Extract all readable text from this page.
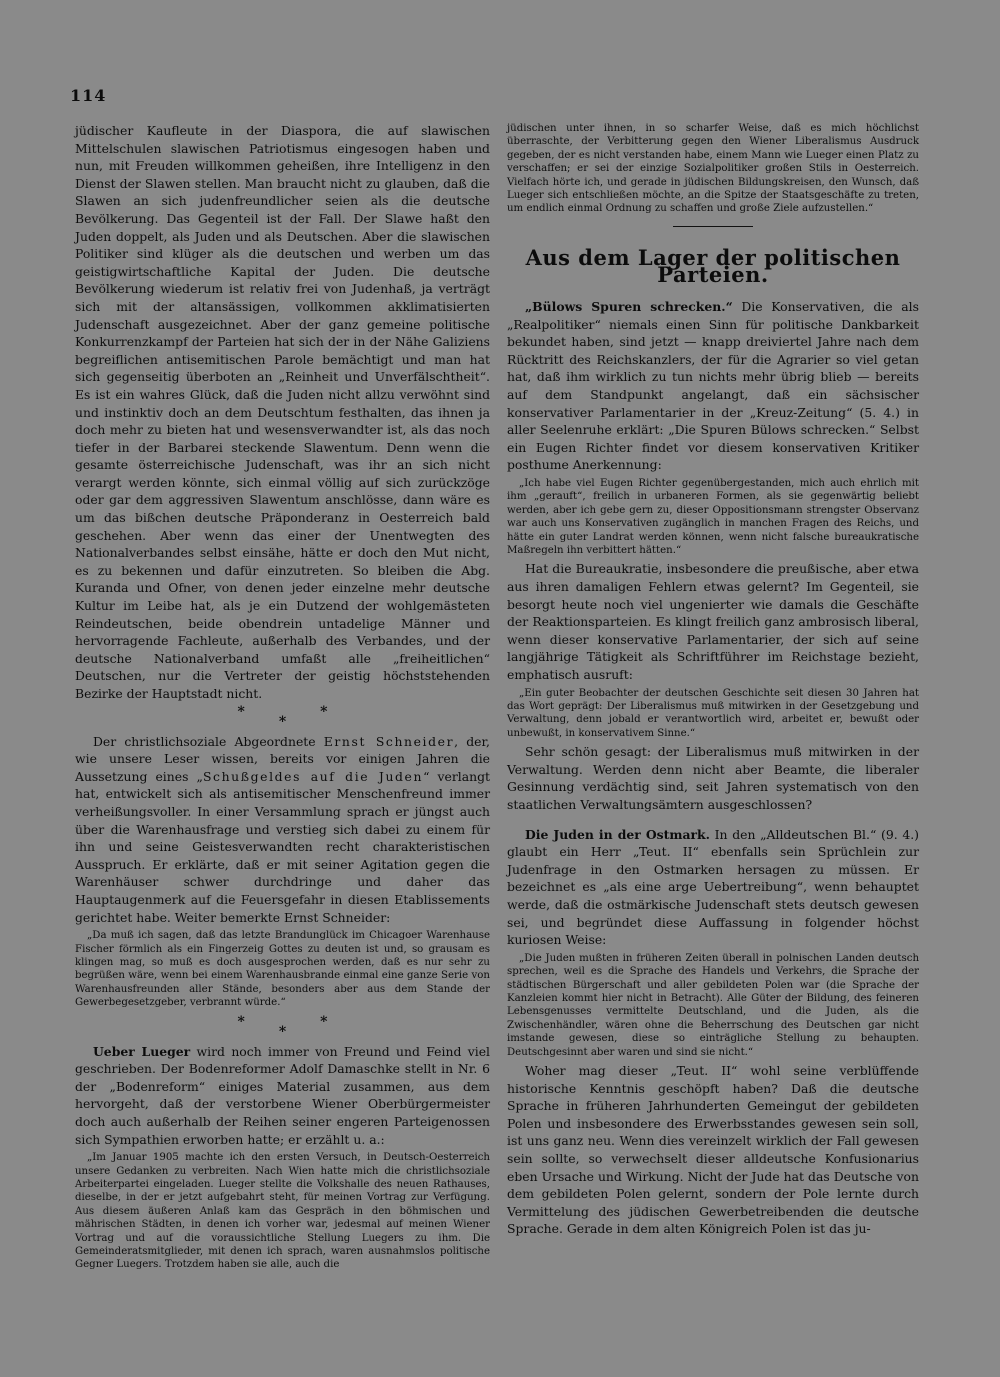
114

jüdischer Kaufleute in der Diaspora, die auf slawischen Mittelschulen slawischen Patriotismus eingesogen haben und nun, mit Freuden willkommen geheißen, ihre Intelligenz in den Dienst der Slawen stellen. Man braucht nicht zu glauben, daß die Slawen an sich judenfreundlicher seien als die deutsche Bevölkerung. Das Gegenteil ist der Fall. Der Slawe haßt den Juden doppelt, als Juden und als Deutschen. Aber die slawischen Politiker sind klüger als die deutschen und werben um das geistigwirtschaftliche Kapital der Juden. Die deutsche Bevölkerung wiederum ist relativ frei von Judenhaß, ja verträgt sich mit der altansässigen, vollkommen akklimatisierten Judenschaft ausgezeichnet. Aber der ganz gemeine politische Konkurrenzkampf der Parteien hat sich der in der Nähe Galiziens begreiflichen antisemitischen Parole bemächtigt und man hat sich gegenseitig überboten an „Reinheit und Unverfälschtheit“. Es ist ein wahres Glück, daß die Juden nicht allzu verwöhnt sind und instinktiv doch an dem Deutschtum festhalten, das ihnen ja doch mehr zu bieten hat und wesensverwandter ist, als das noch tiefer in der Barbarei steckende Slawentum. Denn wenn die gesamte österreichische Judenschaft, was ihr an sich nicht verargt werden könnte, sich einmal völlig auf sich zurückzöge oder gar dem aggressiven Slawentum anschlösse, dann wäre es um das bißchen deutsche Präponderanz in Oesterreich bald geschehen. Aber wenn das einer der Unentwegten des Nationalverbandes selbst einsähe, hätte er doch den Mut nicht, es zu bekennen und dafür einzutreten. So bleiben die Abg. Kuranda und Ofner, von denen jeder einzelne mehr deutsche Kultur im Leibe hat, als je ein Dutzend der wohlgemästeten Reindeutschen, beide obendrein untadelige Männer und hervorragende Fachleute, außerhalb des Verbandes, und der deutsche Nationalverband umfaßt alle „freiheitlichen“ Deutschen, nur die Vertreter der geistig höchststehenden Bezirke der Hauptstadt nicht.

***

Der christlichsoziale Abgeordnete Ernst Schneider, der, wie unsere Leser wissen, bereits vor einigen Jahren die Aussetzung eines „Schußgeldes auf die Juden“ verlangt hat, entwickelt sich als antisemitischer Menschenfreund immer verheißungsvoller. In einer Versammlung sprach er jüngst auch über die Warenhausfrage und verstieg sich dabei zu einem für ihn und seine Geistesverwandten recht charakteristischen Ausspruch. Er erklärte, daß er mit seiner Agitation gegen die Warenhäuser schwer durchdringe und daher das Hauptaugenmerk auf die Feuersgefahr in diesen Etablissements gerichtet habe. Weiter bemerkte Ernst Schneider:

„Da muß ich sagen, daß das letzte Brandunglück im Chicagoer Warenhause Fischer förmlich als ein Fingerzeig Gottes zu deuten ist und, so grausam es klingen mag, so muß es doch ausgesprochen werden, daß es nur sehr zu begrüßen wäre, wenn bei einem Warenhausbrande einmal eine ganze Serie von Warenhausfreunden aller Stände, besonders aber aus dem Stande der Gewerbegesetzgeber, verbrannt würde.“

***

Ueber Lueger wird noch immer von Freund und Feind viel geschrieben. Der Bodenreformer Adolf Damaschke stellt in Nr. 6 der „Bodenreform“ einiges Material zusammen, aus dem hervorgeht, daß der verstorbene Wiener Oberbürgermeister doch auch außerhalb der Reihen seiner engeren Parteigenossen sich Sympathien erworben hatte; er erzählt u. a.:

„Im Januar 1905 machte ich den ersten Versuch, in Deutsch-Oesterreich unsere Gedanken zu verbreiten. Nach Wien hatte mich die christlichsoziale Arbeiterpartei eingeladen. Lueger stellte die Volkshalle des neuen Rathauses, dieselbe, in der er jetzt aufgebahrt steht, für meinen Vortrag zur Verfügung. Aus diesem äußeren Anlaß kam das Gespräch in den böhmischen und mährischen Städten, in denen ich vorher war, jedesmal auf meinen Wiener Vortrag und auf die voraussichtliche Stellung Luegers zu ihm. Die Gemeinderatsmitglieder, mit denen ich sprach, waren ausnahmslos politische Gegner Luegers. Trotzdem haben sie alle, auch die

jüdischen unter ihnen, in so scharfer Weise, daß es mich höchlichst überraschte, der Verbitterung gegen den Wiener Liberalismus Ausdruck gegeben, der es nicht verstanden habe, einem Mann wie Lueger einen Platz zu verschaffen; er sei der einzige Sozialpolitiker großen Stils in Oesterreich. Vielfach hörte ich, und gerade in jüdischen Bildungskreisen, den Wunsch, daß Lueger sich entschließen möchte, an die Spitze der Staatsgeschäfte zu treten, um endlich einmal Ordnung zu schaffen und große Ziele aufzustellen.“

Aus dem Lager der politischen Parteien.

„Bülows Spuren schrecken.“ Die Konservativen, die als „Realpolitiker“ niemals einen Sinn für politische Dankbarkeit bekundet haben, sind jetzt — knapp dreiviertel Jahre nach dem Rücktritt des Reichskanzlers, der für die Agrarier so viel getan hat, daß ihm wirklich zu tun nichts mehr übrig blieb — bereits auf dem Standpunkt angelangt, daß ein sächsischer konservativer Parlamentarier in der „Kreuz-Zeitung“ (5. 4.) in aller Seelenruhe erklärt: „Die Spuren Bülows schrecken.“ Selbst ein Eugen Richter findet vor diesem konservativen Kritiker posthume Anerkennung:

„Ich habe viel Eugen Richter gegenübergestanden, mich auch ehrlich mit ihm „gerauft“, freilich in urbaneren Formen, als sie gegenwärtig beliebt werden, aber ich gebe gern zu, dieser Oppositionsmann strengster Observanz war auch uns Konservativen zugänglich in manchen Fragen des Reichs, und hätte ein guter Landrat werden können, wenn nicht falsche bureaukratische Maßregeln ihn verbittert hätten.“

Hat die Bureaukratie, insbesondere die preußische, aber etwa aus ihren damaligen Fehlern etwas gelernt? Im Gegenteil, sie besorgt heute noch viel ungenierter wie damals die Geschäfte der Reaktionsparteien. Es klingt freilich ganz ambrosisch liberal, wenn dieser konservative Parlamentarier, der sich auf seine langjährige Tätigkeit als Schriftführer im Reichstage bezieht, emphatisch ausruft:

„Ein guter Beobachter der deutschen Geschichte seit diesen 30 Jahren hat das Wort geprägt: Der Liberalismus muß mitwirken in der Gesetzgebung und Verwaltung, denn jobald er verantwortlich wird, arbeitet er, bewußt oder unbewußt, in konservativem Sinne.“

Sehr schön gesagt: der Liberalismus muß mitwirken in der Verwaltung. Werden denn nicht aber Beamte, die liberaler Gesinnung verdächtig sind, seit Jahren systematisch von den staatlichen Verwaltungsämtern ausgeschlossen?

Die Juden in der Ostmark. In den „Alldeutschen Bl.“ (9. 4.) glaubt ein Herr „Teut. II“ ebenfalls sein Sprüchlein zur Judenfrage in den Ostmarken hersagen zu müssen. Er bezeichnet es „als eine arge Uebertreibung“, wenn behauptet werde, daß die ostmärkische Judenschaft stets deutsch gewesen sei, und begründet diese Auffassung in folgender höchst kuriosen Weise:

„Die Juden mußten in früheren Zeiten überall in polnischen Landen deutsch sprechen, weil es die Sprache des Handels und Verkehrs, die Sprache der städtischen Bürgerschaft und aller gebildeten Polen war (die Sprache der Kanzleien kommt hier nicht in Betracht). Alle Güter der Bildung, des feineren Lebensgenusses vermittelte Deutschland, und die Juden, als die Zwischenhändler, wären ohne die Beherrschung des Deutschen gar nicht imstande gewesen, diese so einträgliche Stellung zu behaupten. Deutschgesinnt aber waren und sind sie nicht.“

Woher mag dieser „Teut. II“ wohl seine verblüffende historische Kenntnis geschöpft haben? Daß die deutsche Sprache in früheren Jahrhunderten Gemeingut der gebildeten Polen und insbesondere des Erwerbsstandes gewesen sein soll, ist uns ganz neu. Wenn dies vereinzelt wirklich der Fall gewesen sein sollte, so verwechselt dieser alldeutsche Konfusionarius eben Ursache und Wirkung. Nicht der Jude hat das Deutsche von dem gebildeten Polen gelernt, sondern der Pole lernte durch Vermittelung des jüdischen Gewerbetreibenden die deutsche Sprache. Gerade in dem alten Königreich Polen ist das ju-
